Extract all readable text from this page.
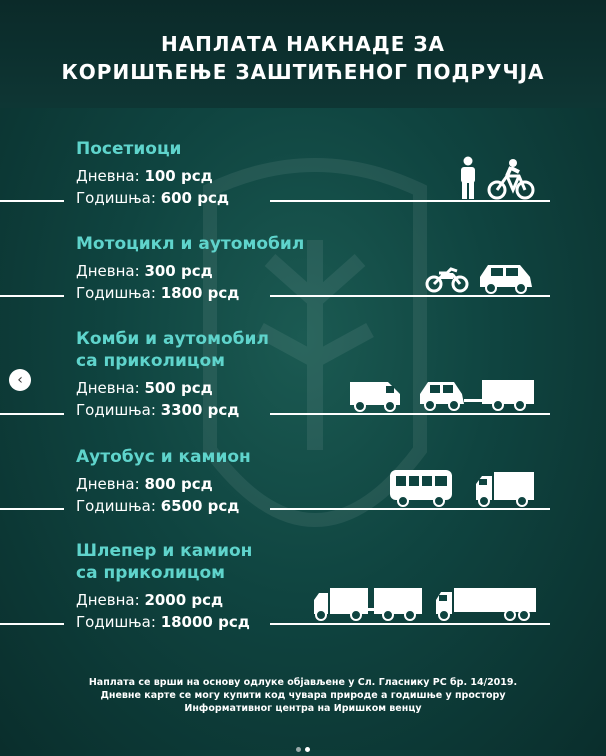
НАПЛАТА НАКНАДЕ ЗА
КОРИШЋЕЊЕ ЗАШТИЋЕНОГ ПОДРУЧЈА
Посетиоци
Дневна: 100 рсд
Годишња: 600 рсд
Мотоцикл и аутомобил
Дневна: 300 рсд
Годишња: 1800 рсд
Комби и аутомобил
са приколицом
Дневна: 500 рсд
Годишња: 3300 рсд
Аутобус и камион
Дневна: 800 рсд
Годишња: 6500 рсд
Шлепер и камион
са приколицом
Дневна: 2000 рсд
Годишња: 18000 рсд
Наплата се врши на основу одлуке објављене у Сл. Гласнику РС бр. 14/2019.
Дневне карте се могу купити код чувара природе а годишње у простору
Информативног центра на Иришком венцу
‹
